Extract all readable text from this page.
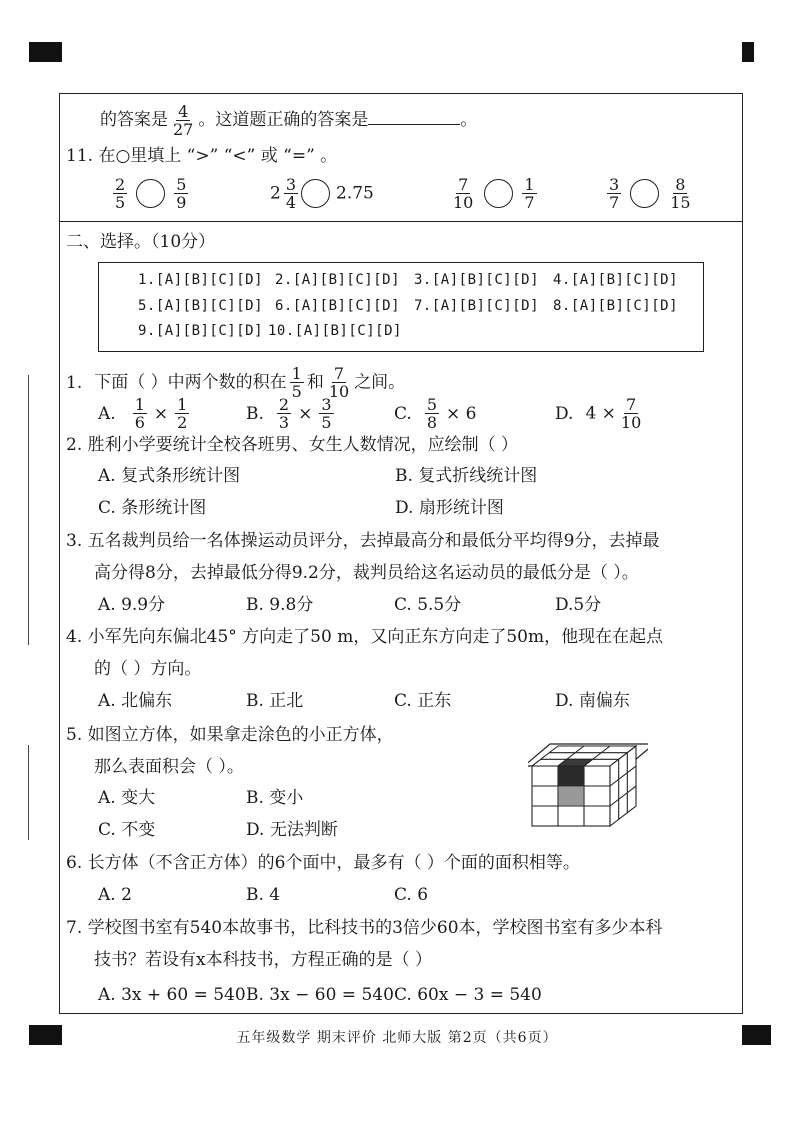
的答案是 $\frac{4}{27}$ 。这道题正确的答案是	。
11. 在○里填上 “>” “<” 或 “=” 。
$\frac{2}{5}$	$\frac{5}{9}$	$2 \frac{3}{4} 2.75$	$\frac{7}{10}$	$\frac{1}{7}$	$\frac{3}{7}$	$\frac{8}{15}$
二、选择。（10分）
1.[A][B][C][D] 2.[A][B][C][D] 3.[A][B][C][D] 4.[A][B][C][D]
5.[A][B][C][D] 6.[A][B][C][D] 7.[A][B][C][D] 8.[A][B][C][D]
9.[A][B][C][D] 10.[A][B][C][D]
1. 下面（ ）中两个数的积在 $\frac{1}{5}$ 和 $\frac{7}{10}$ 之间。
A. $\frac{1}{6} \times \frac{1}{2}$	B. $\frac{2}{3} \times \frac{3}{5}$	C. $\frac{5}{8} \times 6$	D. $4 \times \frac{7}{10}$
2. 胜利小学要统计全校各班男、女生人数情况，应绘制（ ）
A. 复式条形统计图	B. 复式折线统计图
C. 条形统计图	D. 扇形统计图
3. 五名裁判员给一名体操运动员评分，去掉最高分和最低分平均得9分，去掉最
高分得8分，去掉最低分得9.2分，裁判员给这名运动员的最低分是（ ）。
A. 9.9分	B. 9.8分	C. 5.5分	D.5分
4. 小军先向东偏北45° 方向走了50 m，又向正东方向走了50m，他现在在起点
的（ ）方向。
A. 北偏东	B. 正北	C. 正东	D. 南偏东
5. 如图立方体，如果拿走涂色的小正方体，
那么表面积会（ ）。
A. 变大	B. 变小
C. 不变	D. 无法判断
6. 长方体（不含正方体）的6个面中，最多有（ ）个面的面积相等。
A. 2	B. 4	C. 6
7. 学校图书室有540本故事书，比科技书的3倍少60本，学校图书室有多少本科
技书？若设有x本科技书，方程正确的是（ ）
A. 3x + 60 = 540 B. 3x − 60 = 540 C. 60x − 3 = 540
五年级数学 期末评价 北师大版 第2页（共6页）
